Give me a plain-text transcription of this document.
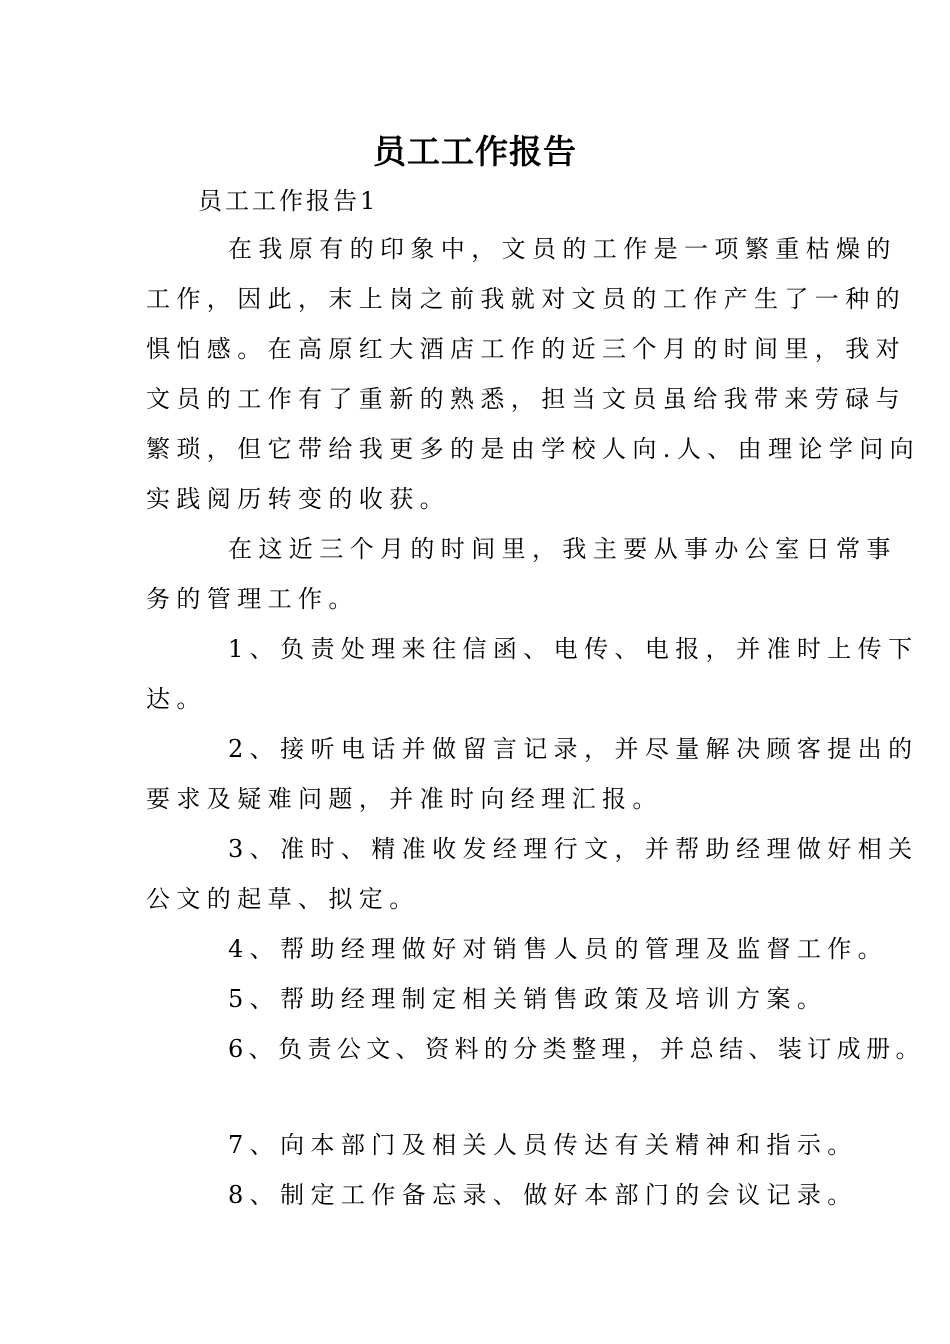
员工工作报告
员工工作报告1
在我原有的印象中，文员的工作是一项繁重枯燥的
工作，因此，末上岗之前我就对文员的工作产生了一种的
惧怕感。在高原红大酒店工作的近三个月的时间里，我对
文员的工作有了重新的熟悉，担当文员虽给我带来劳碌与
繁琐，但它带给我更多的是由学校人向.人、由理论学问向
实践阅历转变的收获。
在这近三个月的时间里，我主要从事办公室日常事
务的管理工作。
1、负责处理来往信函、电传、电报，并准时上传下
达。
2、接听电话并做留言记录，并尽量解决顾客提出的
要求及疑难问题，并准时向经理汇报。
3、准时、精准收发经理行文，并帮助经理做好相关
公文的起草、拟定。
4、帮助经理做好对销售人员的管理及监督工作。
5、帮助经理制定相关销售政策及培训方案。
6、负责公文、资料的分类整理，并总结、装订成册。
7、向本部门及相关人员传达有关精神和指示。
8、制定工作备忘录、做好本部门的会议记录。
